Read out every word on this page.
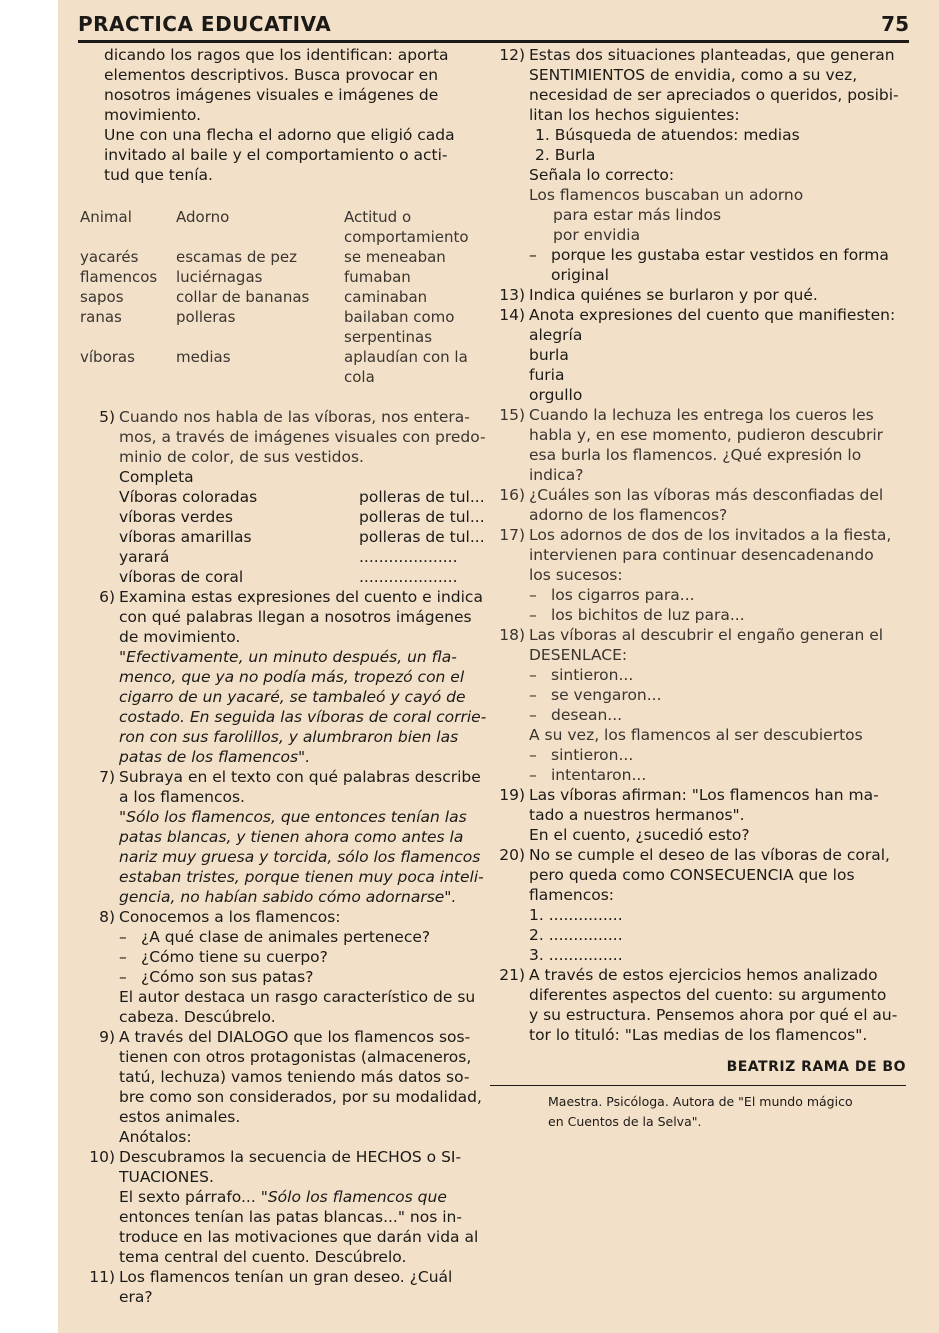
PRACTICA EDUCATIVA	75
dicando los ragos que los identifican: aporta
elementos descriptivos. Busca provocar en
nosotros imágenes visuales e imágenes de
movimiento.
Une con una flecha el adorno que eligió cada
invitado al baile y el comportamiento o acti-
tud que tenía.
Animal	Adorno	Actitud o comportamiento
yacarés	escamas de pez	se meneaban
flamencos	luciérnagas	fumaban
sapos	collar de bananas	caminaban
ranas	polleras	bailaban como serpentinas
víboras	medias	aplaudían con la cola
5) Cuando nos habla de las víboras, nos entera-
mos, a través de imágenes visuales con predo-
minio de color, de sus vestidos.
Completa
Víboras coloradas	polleras de tul...
víboras verdes	polleras de tul...
víboras amarillas	polleras de tul...
yarará	....................
víboras de coral	....................
6) Examina estas expresiones del cuento e indica
con qué palabras llegan a nosotros imágenes
de movimiento.
"Efectivamente, un minuto después, un fla-
menco, que ya no podía más, tropezó con el
cigarro de un yacaré, se tambaleó y cayó de
costado. En seguida las víboras de coral corrie-
ron con sus farolillos, y alumbraron bien las
patas de los flamencos".
7) Subraya en el texto con qué palabras describe
a los flamencos.
"Sólo los flamencos, que entonces tenían las
patas blancas, y tienen ahora como antes la
nariz muy gruesa y torcida, sólo los flamencos
estaban tristes, porque tienen muy poca inteli-
gencia, no habían sabido cómo adornarse".
8) Conocemos a los flamencos:
– ¿A qué clase de animales pertenece?
– ¿Cómo tiene su cuerpo?
– ¿Cómo son sus patas?
El autor destaca un rasgo característico de su
cabeza. Descúbrelo.
9) A través del DIALOGO que los flamencos sos-
tienen con otros protagonistas (almaceneros,
tatú, lechuza) vamos teniendo más datos so-
bre como son considerados, por su modalidad,
estos animales.
Anótalos:
10) Descubramos la secuencia de HECHOS o SI-
TUACIONES.
El sexto párrafo... "Sólo los flamencos que
entonces tenían las patas blancas..." nos in-
troduce en las motivaciones que darán vida al
tema central del cuento. Descúbrelo.
11) Los flamencos tenían un gran deseo. ¿Cuál era?
12) Estas dos situaciones planteadas, que generan
SENTIMIENTOS de envidia, como a su vez,
necesidad de ser apreciados o queridos, posibi-
litan los hechos siguientes:
1. Búsqueda de atuendos: medias
2. Burla
Señala lo correcto:
Los flamencos buscaban un adorno
para estar más lindos
por envidia
– porque les gustaba estar vestidos en forma
original
13) Indica quiénes se burlaron y por qué.
14) Anota expresiones del cuento que manifiesten:
alegría
burla
furia
orgullo
15) Cuando la lechuza les entrega los cueros les
habla y, en ese momento, pudieron descubrir
esa burla los flamencos. ¿Qué expresión lo
indica?
16) ¿Cuáles son las víboras más desconfiadas del
adorno de los flamencos?
17) Los adornos de dos de los invitados a la fiesta,
intervienen para continuar desencadenando
los sucesos:
– los cigarros para...
– los bichitos de luz para...
18) Las víboras al descubrir el engaño generan el
DESENLACE:
– sintieron...
– se vengaron...
– desean...
A su vez, los flamencos al ser descubiertos
– sintieron...
– intentaron...
19) Las víboras afirman: "Los flamencos han ma-
tado a nuestros hermanos".
En el cuento, ¿sucedió esto?
20) No se cumple el deseo de las víboras de coral,
pero queda como CONSECUENCIA que los
flamencos:
1. ...............
2. ...............
3. ...............
21) A través de estos ejercicios hemos analizado
diferentes aspectos del cuento: su argumento
y su estructura. Pensemos ahora por qué el au-
tor lo tituló: "Las medias de los flamencos".
BEATRIZ RAMA DE BO
Maestra. Psicóloga. Autora de "El mundo mágico
en Cuentos de la Selva".
